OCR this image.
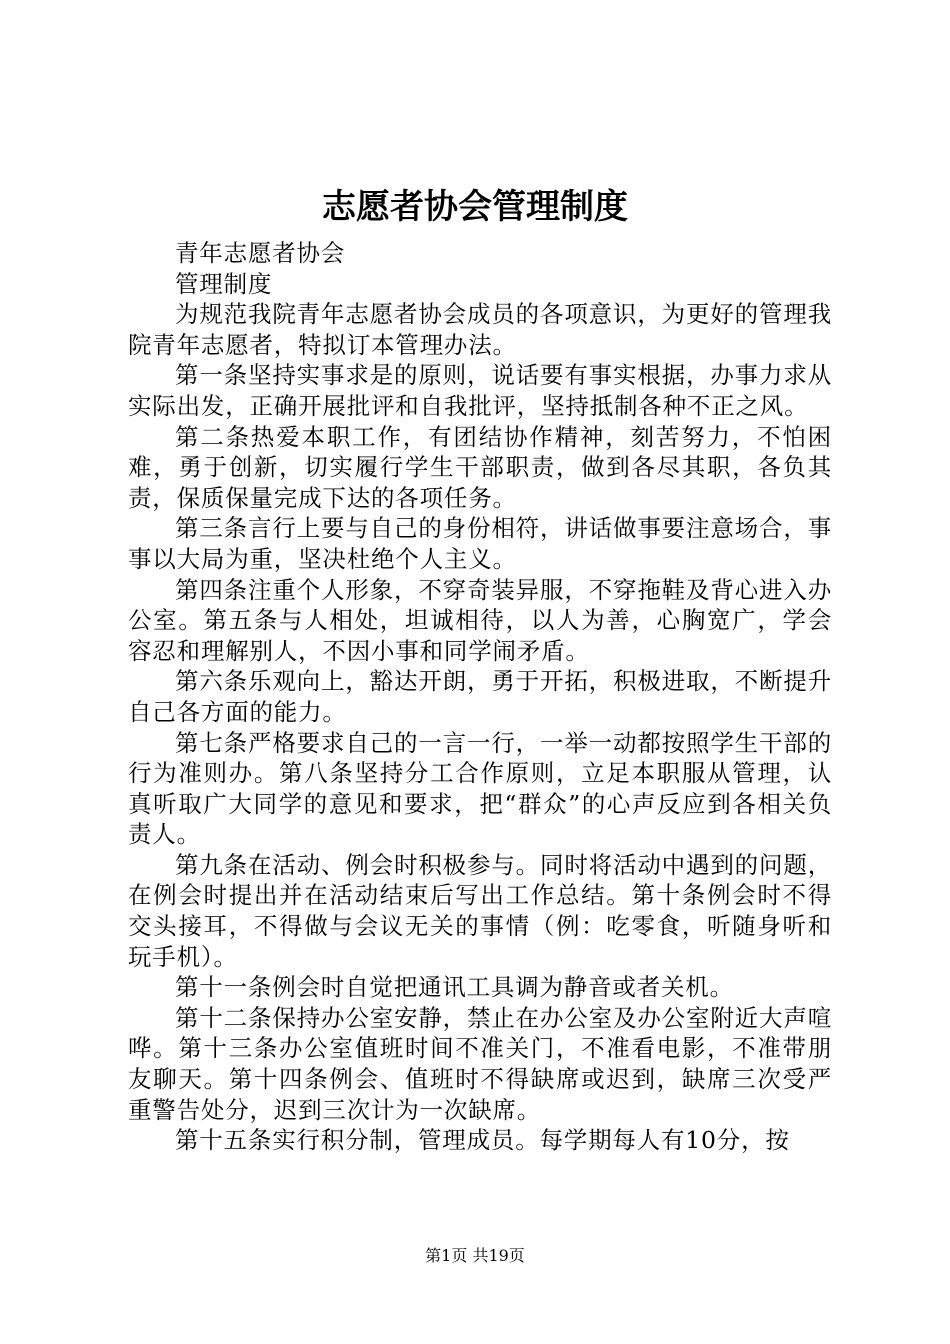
志愿者协会管理制度

青年志愿者协会

管理制度

为规范我院青年志愿者协会成员的各项意识，为更好的管理我院青年志愿者，特拟订本管理办法。

第一条坚持实事求是的原则，说话要有事实根据，办事力求从实际出发，正确开展批评和自我批评，坚持抵制各种不正之风。

第二条热爱本职工作，有团结协作精神，刻苦努力，不怕困难，勇于创新，切实履行学生干部职责，做到各尽其职，各负其责，保质保量完成下达的各项任务。

第三条言行上要与自己的身份相符，讲话做事要注意场合，事事以大局为重，坚决杜绝个人主义。

第四条注重个人形象，不穿奇装异服，不穿拖鞋及背心进入办公室。第五条与人相处，坦诚相待，以人为善，心胸宽广，学会容忍和理解别人，不因小事和同学闹矛盾。

第六条乐观向上，豁达开朗，勇于开拓，积极进取，不断提升自己各方面的能力。

第七条严格要求自己的一言一行，一举一动都按照学生干部的行为准则办。第八条坚持分工合作原则，立足本职服从管理，认真听取广大同学的意见和要求，把“群众”的心声反应到各相关负责人。

第九条在活动、例会时积极参与。同时将活动中遇到的问题，在例会时提出并在活动结束后写出工作总结。第十条例会时不得交头接耳，不得做与会议无关的事情（例：吃零食，听随身听和玩手机）。

第十一条例会时自觉把通讯工具调为静音或者关机。

第十二条保持办公室安静，禁止在办公室及办公室附近大声喧哗。第十三条办公室值班时间不准关门，不准看电影，不准带朋友聊天。第十四条例会、值班时不得缺席或迟到，缺席三次受严重警告处分，迟到三次计为一次缺席。

第十五条实行积分制，管理成员。每学期每人有10分，按

第1页 共19页
